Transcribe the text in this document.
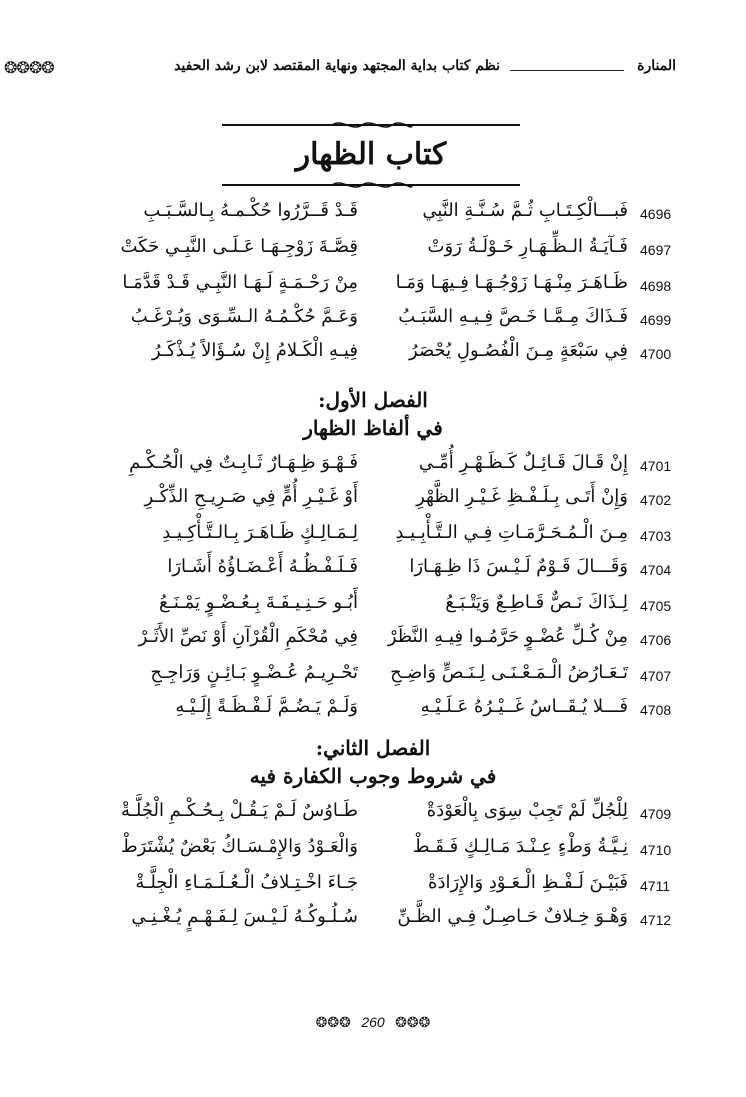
المنارة
نظم كتاب بداية المجتهد ونهاية المقتصد لابن رشد الحفيد
❂❂❂❂
كتاب الظهار
4696
فَبـــالْكِـتَـابِ ثُـمَّ سُـنَّـةِ النَّبِي
قَـدْ قَــرَّرُوا حُكْـمـهُ بِـالسَّـبَـبِ
4697
فَـآيَـةُ الـظِّـهَـارِ خَـوْلَـةُ رَوَتْ
قِصَّـةَ زَوْجِـهَـا عَـلَـى النَّبِـي حَكَتْ
4698
ظَـاهَـرَ مِنْـهَـا زَوْجُـهَـا فِـيهَـا وَمَـا
مِنْ رَحْـمَـةٍ لَـهَـا النَّبِـي قَـدْ قَدَّمَـا
4699
فَـذَاكَ مِـمَّـا خَـصَّ فِـيـهِ السَّبَـبُ
وَعَـمَّ حُكْـمُـهُ الـسِّـوَى وَيُـرْغَـبُ
4700
فِي سَبْعَةٍ مِـنَ الْفُصُـولِ يُحْصَرُ
فِيـهِ الْكَـلامُ إِنْ سُـؤَالاً يُـذْكَـرُ
الفصل الأول:
في ألفاظ الظهار
4701
إِنْ قَـالَ قَـائِـلٌ كَـظَـهْـرِ أُمِّـي
فَـهْـوَ ظِـهَـارٌ ثَـابِـتٌ فِي الْحُـكْـمِ
4702
وَإِنْ أَتَـى بِـلَـفْـظِ غَـيْـرِ الظَّهْرِ
أَوْ غَـيْـرِ أُمٍّ فِي صَـرِيـحِ الذِّكْـرِ
4703
مِـنَ الْـمُـحَـرَّمَـاتِ فِـي الـتَّـأْبِـيـدِ
لِـمَـالِـكٍ ظَـاهَـرَ بِـالـتَّـأْكِـيـدِ
4704
وَقَـــالَ قَـوْمٌ لَـيْـسَ ذَا ظِـهَـارَا
فَـلَـفْـظُـهُ أَعْـضَـاؤُهُ أَشَـارَا
4705
لِـذَاكَ نَـصٌّ قَـاطِـعٌ وَيَتْـبَـعُ
أَبُـو حَـنِـيـفَـةَ بِـعُـضْـوٍ يَمْـنَـعُ
4706
مِنْ كُـلِّ عُضْـوٍ حَرَّمُـوا فِيـهِ النَّظَرْ
فِي مُحْكَمِ الْقُرْآنِ أَوْ نَصِّ الأَثَـرْ
4707
تَـعَـارُضُ الْـمَـعْـنَـى لِـنَـصٍّ وَاضِـحِ
تَحْـرِيـمُ عُـضْـوٍ بَـائِـنٍ وَرَاجِـحِ
4708
فَـــلا يُـقَــاسُ غَــيْـرُهُ عَـلَـيْـهِ
وَلَـمْ يَـضُـمَّ لَـفْـظَـةً إِلَـيْـهِ
الفصل الثاني:
في شروط وجوب الكفارة فيه
4709
لِلْجُلِّ لَمْ تَجِبْ سِوَى بِالْعَوْدَةْ
طَـاوُسٌ لَـمْ يَـقُـلْ بِـحُـكْـمِ الْجُلَّـةْ
4710
نِـيَّـةُ وَطْءٍ عِـنْـدَ مَـالِـكٍ فَـقَـطْ
وَالْعَـوْدُ وَالإِمْـسَـاكُ بَعْضٌ يُشْتَرَطْ
4711
فَبَيْـنَ لَـفْـظِ الْـعَـوْدِ وَالإِرَادَةْ
جَـاءَ اخْـتِـلافُ الْـعُـلَـمَـاءِ الْجِلَّـةْ
4712
وَهْـوَ خِـلافٌ حَـاصِـلٌ فِـي الظَّـنِّ
سُـلُـوكُـهُ لَـيْـسَ لِـفَـهْـمٍ يُـغْـنِـي
❂❂❂ 260 ❂❂❂
